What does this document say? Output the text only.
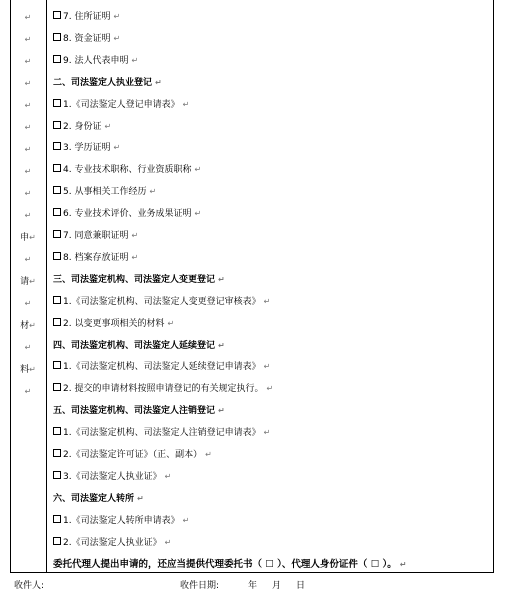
↵
↵
↵
↵
↵
↵
↵
↵
↵
↵
申↵
↵
请↵
↵
材↵
↵
料↵
↵
7. 住所证明 ↵
8. 资金证明 ↵
9. 法人代表申明 ↵
二、司法鉴定人执业登记 ↵
1.《司法鉴定人登记申请表》 ↵
2. 身份证 ↵
3. 学历证明 ↵
4. 专业技术职称、行业资质职称 ↵
5. 从事相关工作经历 ↵
6. 专业技术评价、业务成果证明 ↵
7. 同意兼职证明 ↵
8. 档案存放证明 ↵
三、司法鉴定机构、司法鉴定人变更登记 ↵
1.《司法鉴定机构、司法鉴定人变更登记审核表》 ↵
2. 以变更事项相关的材料 ↵
四、司法鉴定机构、司法鉴定人延续登记 ↵
1.《司法鉴定机构、司法鉴定人延续登记申请表》 ↵
2. 提交的申请材料按照申请登记的有关规定执行。 ↵
五、司法鉴定机构、司法鉴定人注销登记 ↵
1.《司法鉴定机构、司法鉴定人注销登记申请表》 ↵
2.《司法鉴定许可证》（正、副本） ↵
3.《司法鉴定人执业证》 ↵
六、司法鉴定人转所 ↵
1.《司法鉴定人转所申请表》 ↵
2.《司法鉴定人执业证》 ↵
委托代理人提出申请的，还应当提供代理委托书（ ☐ ）、代理人身份证件（ ☐ ）。 ↵
收件人:	收件日期:	年 月 日
